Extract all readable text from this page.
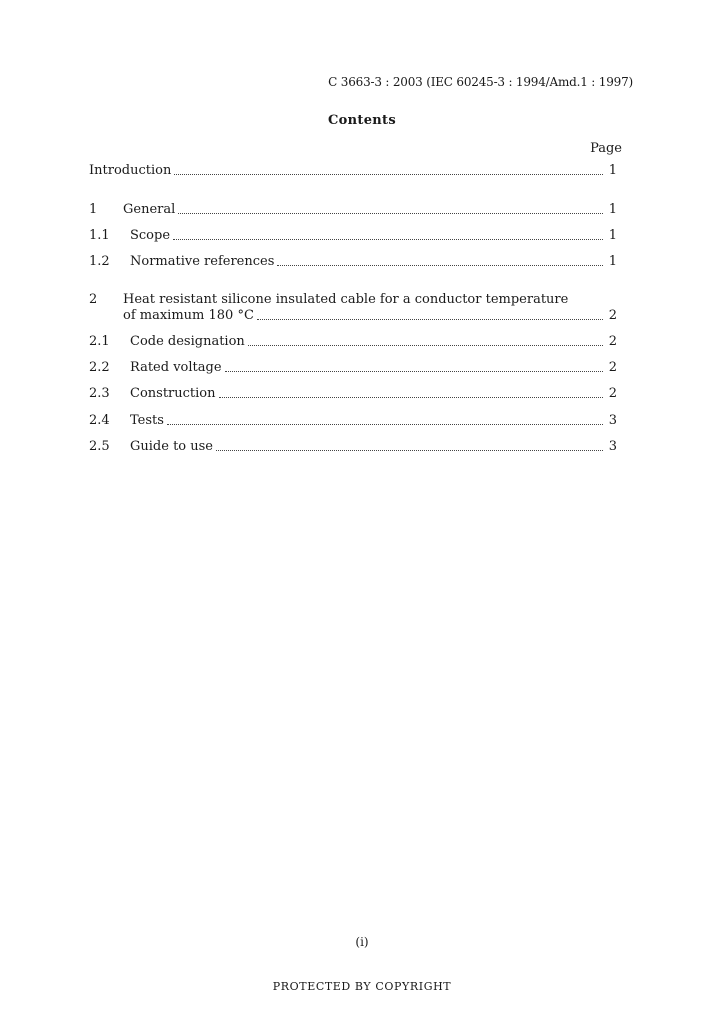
C 3663-3 : 2003 (IEC 60245-3 : 1994/Amd.1 : 1997)
Contents
Page
Introduction	1
1 General	1
1.1 Scope	1
1.2 Normative references	1
2	Heat resistant silicone insulated cable for a conductor temperature
of maximum 180 °C	2
2.1 Code designation	2
2.2 Rated voltage	2
2.3 Construction	2
2.4 Tests	3
2.5 Guide to use	3
(i)
PROTECTED BY COPYRIGHT
